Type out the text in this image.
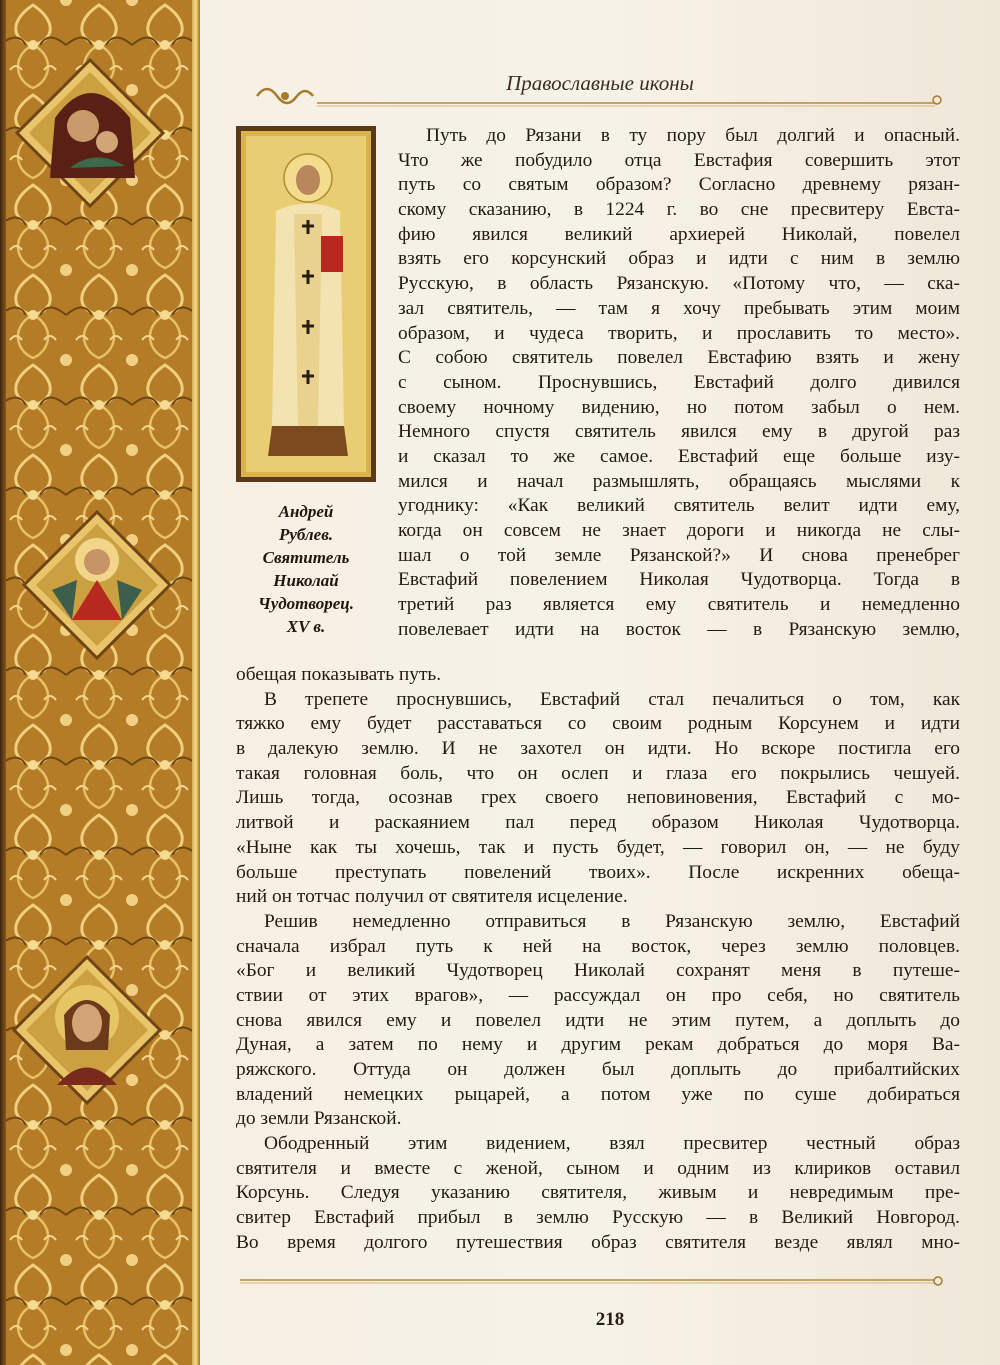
Православные иконы
Андрей
Рублев.
Святитель
Николай
Чудотворец.
XV в.
Путь до Рязани в ту пору был долгий и опасный.
Что же побудило отца Евстафия совершить этот
путь со святым образом? Согласно древнему рязан-
скому сказанию, в 1224 г. во сне пресвитеру Евста-
фию явился великий архиерей Николай, повелел
взять его корсунский образ и идти с ним в землю
Русскую, в область Рязанскую. «Потому что, — ска-
зал святитель, — там я хочу пребывать этим моим
образом, и чудеса творить, и прославить то место».
С собою святитель повелел Евстафию взять и жену
с сыном. Проснувшись, Евстафий долго дивился
своему ночному видению, но потом забыл о нем.
Немного спустя святитель явился ему в другой раз
и сказал то же самое. Евстафий еще больше изу-
мился и начал размышлять, обращаясь мыслями к
угоднику: «Как великий святитель велит идти ему,
когда он совсем не знает дороги и никогда не слы-
шал о той земле Рязанской?» И снова пренебрег
Евстафий повелением Николая Чудотворца. Тогда в
третий раз является ему святитель и немедленно
повелевает идти на восток — в Рязанскую землю,
обещая показывать путь.
В трепете проснувшись, Евстафий стал печалиться о том, как
тяжко ему будет расставаться со своим родным Корсунем и идти
в далекую землю. И не захотел он идти. Но вскоре постигла его
такая головная боль, что он ослеп и глаза его покрылись чешуей.
Лишь тогда, осознав грех своего неповиновения, Евстафий с мо-
литвой и раскаянием пал перед образом Николая Чудотворца.
«Ныне как ты хочешь, так и пусть будет, — говорил он, — не буду
больше преступать повелений твоих». После искренних обеща-
ний он тотчас получил от святителя исцеление.
Решив немедленно отправиться в Рязанскую землю, Евстафий
сначала избрал путь к ней на восток, через землю половцев.
«Бог и великий Чудотворец Николай сохранят меня в путеше-
ствии от этих врагов», — рассуждал он про себя, но святитель
снова явился ему и повелел идти не этим путем, а доплыть до
Дуная, а затем по нему и другим рекам добраться до моря Ва-
ряжского. Оттуда он должен был доплыть до прибалтийских
владений немецких рыцарей, а потом уже по суше добираться
до земли Рязанской.
Ободренный этим видением, взял пресвитер честный образ
святителя и вместе с женой, сыном и одним из клириков оставил
Корсунь. Следуя указанию святителя, живым и невредимым пре-
свитер Евстафий прибыл в землю Русскую — в Великий Новгород.
Во время долгого путешествия образ святителя везде являл мно-
218
